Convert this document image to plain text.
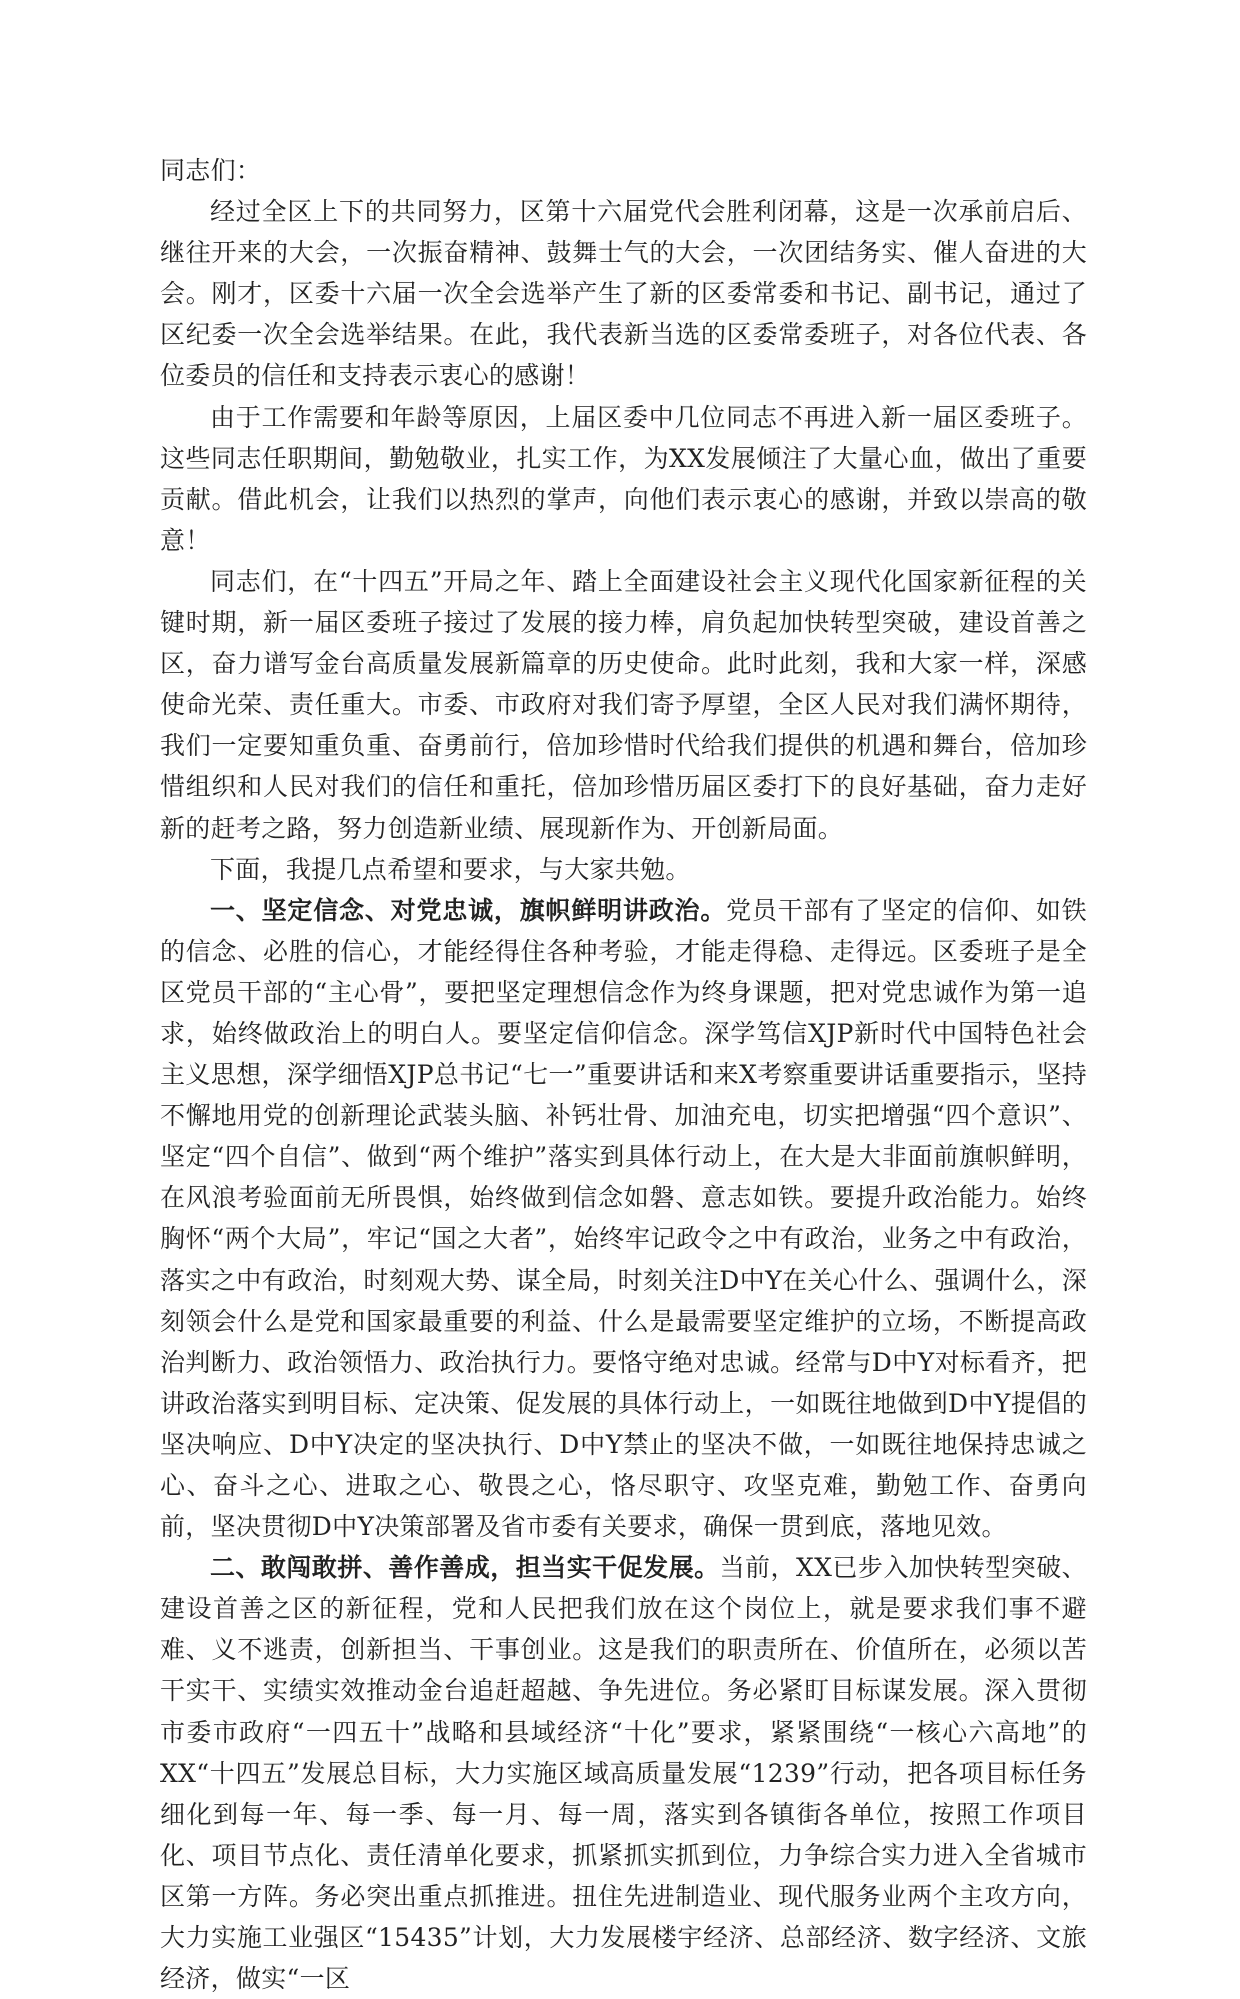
同志们：

经过全区上下的共同努力，区第十六届党代会胜利闭幕，这是一次承前启后、继往开来的大会，一次振奋精神、鼓舞士气的大会，一次团结务实、催人奋进的大会。刚才，区委十六届一次全会选举产生了新的区委常委和书记、副书记，通过了区纪委一次全会选举结果。在此，我代表新当选的区委常委班子，对各位代表、各位委员的信任和支持表示衷心的感谢！

由于工作需要和年龄等原因，上届区委中几位同志不再进入新一届区委班子。这些同志任职期间，勤勉敬业，扎实工作，为XX发展倾注了大量心血，做出了重要贡献。借此机会，让我们以热烈的掌声，向他们表示衷心的感谢，并致以崇高的敬意！

同志们，在“十四五”开局之年、踏上全面建设社会主义现代化国家新征程的关键时期，新一届区委班子接过了发展的接力棒，肩负起加快转型突破，建设首善之区，奋力谱写金台高质量发展新篇章的历史使命。此时此刻，我和大家一样，深感使命光荣、责任重大。市委、市政府对我们寄予厚望，全区人民对我们满怀期待，我们一定要知重负重、奋勇前行，倍加珍惜时代给我们提供的机遇和舞台，倍加珍惜组织和人民对我们的信任和重托，倍加珍惜历届区委打下的良好基础，奋力走好新的赶考之路，努力创造新业绩、展现新作为、开创新局面。

下面，我提几点希望和要求，与大家共勉。

一、坚定信念、对党忠诚，旗帜鲜明讲政治。党员干部有了坚定的信仰、如铁的信念、必胜的信心，才能经得住各种考验，才能走得稳、走得远。区委班子是全区党员干部的“主心骨”，要把坚定理想信念作为终身课题，把对党忠诚作为第一追求，始终做政治上的明白人。要坚定信仰信念。深学笃信XJP新时代中国特色社会主义思想，深学细悟XJP总书记“七一”重要讲话和来X考察重要讲话重要指示，坚持不懈地用党的创新理论武装头脑、补钙壮骨、加油充电，切实把增强“四个意识”、坚定“四个自信”、做到“两个维护”落实到具体行动上，在大是大非面前旗帜鲜明，在风浪考验面前无所畏惧，始终做到信念如磐、意志如铁。要提升政治能力。始终胸怀“两个大局”，牢记“国之大者”，始终牢记政令之中有政治，业务之中有政治，落实之中有政治，时刻观大势、谋全局，时刻关注D中Y在关心什么、强调什么，深刻领会什么是党和国家最重要的利益、什么是最需要坚定维护的立场，不断提高政治判断力、政治领悟力、政治执行力。要恪守绝对忠诚。经常与D中Y对标看齐，把讲政治落实到明目标、定决策、促发展的具体行动上，一如既往地做到D中Y提倡的坚决响应、D中Y决定的坚决执行、D中Y禁止的坚决不做，一如既往地保持忠诚之心、奋斗之心、进取之心、敬畏之心，恪尽职守、攻坚克难，勤勉工作、奋勇向前，坚决贯彻D中Y决策部署及省市委有关要求，确保一贯到底，落地见效。

二、敢闯敢拼、善作善成，担当实干促发展。当前，XX已步入加快转型突破、建设首善之区的新征程，党和人民把我们放在这个岗位上，就是要求我们事不避难、义不逃责，创新担当、干事创业。这是我们的职责所在、价值所在，必须以苦干实干、实绩实效推动金台追赶超越、争先进位。务必紧盯目标谋发展。深入贯彻市委市政府“一四五十”战略和县域经济“十化”要求，紧紧围绕“一核心六高地”的XX“十四五”发展总目标，大力实施区域高质量发展“1239”行动，把各项目标任务细化到每一年、每一季、每一月、每一周，落实到各镇街各单位，按照工作项目化、项目节点化、责任清单化要求，抓紧抓实抓到位，力争综合实力进入全省城市区第一方阵。务必突出重点抓推进。扭住先进制造业、现代服务业两个主攻方向，大力实施工业强区“15435”计划，大力发展楼宇经济、总部经济、数字经济、文旅经济，做实“一区
